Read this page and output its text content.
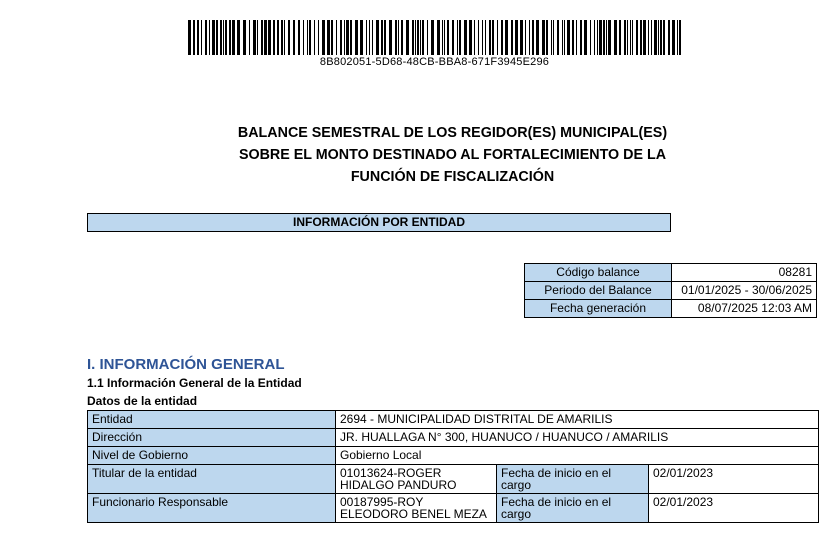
8B802051-5D68-48CB-BBA8-671F3945E296
BALANCE SEMESTRAL DE LOS REGIDOR(ES) MUNICIPAL(ES)
SOBRE EL MONTO DESTINADO AL FORTALECIMIENTO DE LA
FUNCIÓN DE FISCALIZACIÓN
INFORMACIÓN POR ENTIDAD
Código balance	08281
Periodo del Balance	01/01/2025 - 30/06/2025
Fecha generación	08/07/2025 12:03 AM
I. INFORMACIÓN GENERAL
1.1 Información General de la Entidad
Datos de la entidad
Entidad	2694 - MUNICIPALIDAD DISTRITAL DE AMARILIS		
Dirección	JR. HUALLAGA N° 300, HUANUCO / HUANUCO / AMARILIS		
Nivel de Gobierno	Gobierno Local		
Titular de la entidad	01013624-ROGER HIDALGO PANDURO	Fecha de inicio en el cargo	02/01/2023
Funcionario Responsable	00187995-ROY ELEODORO BENEL MEZA	Fecha de inicio en el cargo	02/01/2023
